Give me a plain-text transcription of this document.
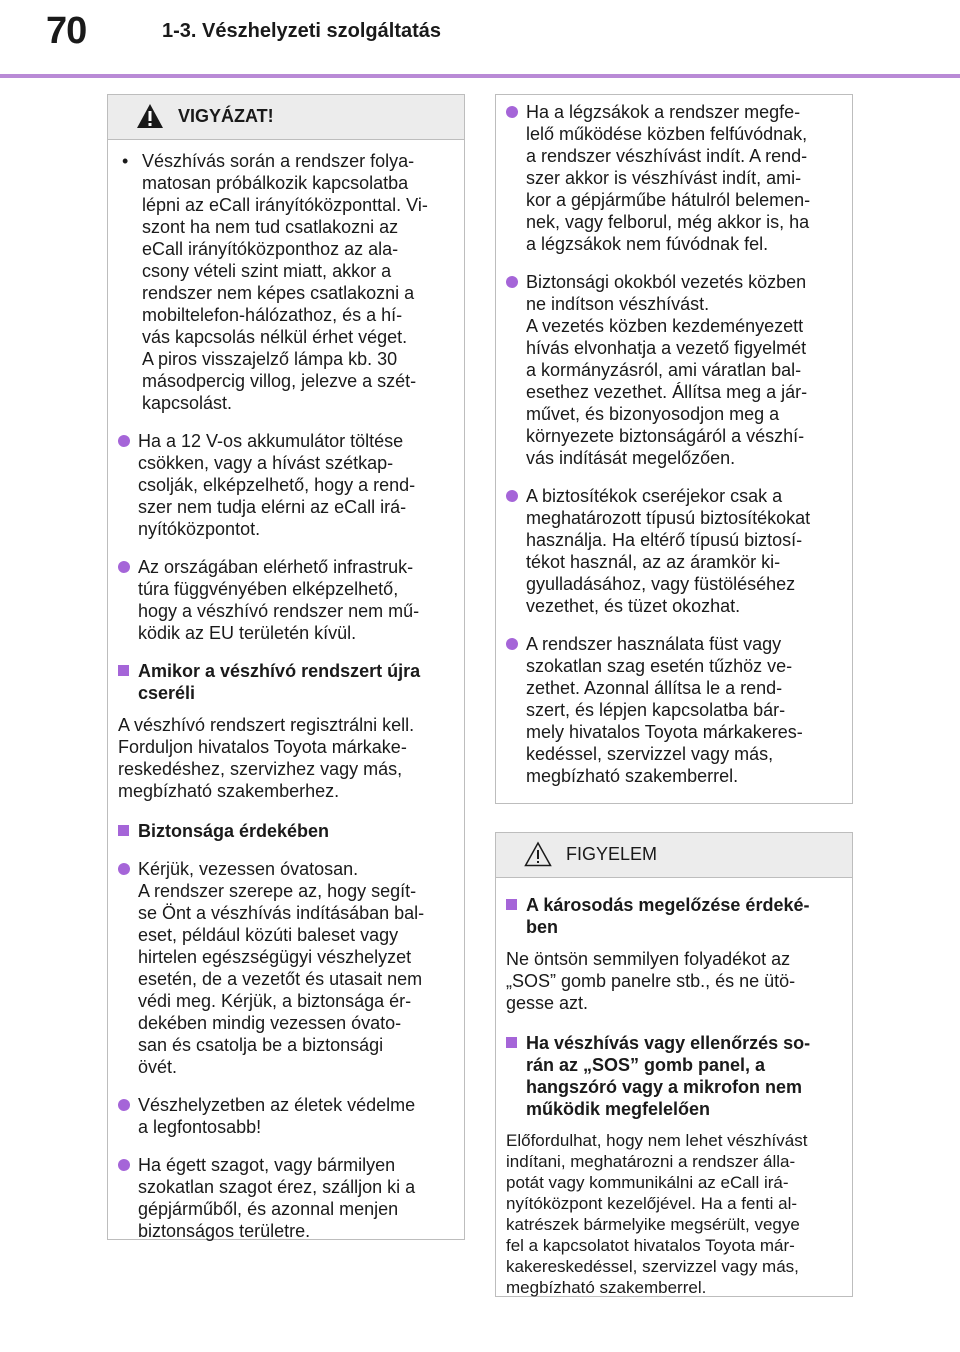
70	1-3. Vészhelyzeti szolgáltatás
VIGYÁZAT!
• Vészhívás során a rendszer folya-
matosan próbálkozik kapcsolatba
lépni az eCall irányítóközponttal. Vi-
szont ha nem tud csatlakozni az
eCall irányítóközponthoz az ala-
csony vételi szint miatt, akkor a
rendszer nem képes csatlakozni a
mobiltelefon-hálózathoz, és a hí-
vás kapcsolás nélkül érhet véget.
A piros visszajelző lámpa kb. 30
másodpercig villog, jelezve a szét-
kapcsolást.
Ha a 12 V-os akkumulátor töltése
csökken, vagy a hívást szétkap-
csolják, elképzelhető, hogy a rend-
szer nem tudja elérni az eCall irá-
nyítóközpontot.
Az országában elérhető infrastruk-
túra függvényében elképzelhető,
hogy a vészhívó rendszer nem mű-
ködik az EU területén kívül.
Amikor a vészhívó rendszert újra
cseréli
A vészhívó rendszert regisztrálni kell.
Forduljon hivatalos Toyota márkake-
reskedéshez, szervizhez vagy más,
megbízható szakemberhez.
Biztonsága érdekében
Kérjük, vezessen óvatosan.
A rendszer szerepe az, hogy segít-
se Önt a vészhívás indításában bal-
eset, például közúti baleset vagy
hirtelen egészségügyi vészhelyzet
esetén, de a vezetőt és utasait nem
védi meg. Kérjük, a biztonsága ér-
dekében mindig vezessen óvato-
san és csatolja be a biztonsági
övét.
Vészhelyzetben az életek védelme
a legfontosabb!
Ha égett szagot, vagy bármilyen
szokatlan szagot érez, szálljon ki a
gépjárműből, és azonnal menjen
biztonságos területre.
Ha a légzsákok a rendszer megfe-
lelő működése közben felfúvódnak,
a rendszer vészhívást indít. A rend-
szer akkor is vészhívást indít, ami-
kor a gépjárműbe hátulról belemen-
nek, vagy felborul, még akkor is, ha
a légzsákok nem fúvódnak fel.
Biztonsági okokból vezetés közben
ne indítson vészhívást.
A vezetés közben kezdeményezett
hívás elvonhatja a vezető figyelmét
a kormányzásról, ami váratlan bal-
esethez vezethet. Állítsa meg a jár-
művet, és bizonyosodjon meg a
környezete biztonságáról a vészhí-
vás indítását megelőzően.
A biztosítékok cseréjekor csak a
meghatározott típusú biztosítékokat
használja. Ha eltérő típusú biztosí-
tékot használ, az az áramkör ki-
gyulladásához, vagy füstöléséhez
vezethet, és tüzet okozhat.
A rendszer használata füst vagy
szokatlan szag esetén tűzhöz ve-
zethet. Azonnal állítsa le a rend-
szert, és lépjen kapcsolatba bár-
mely hivatalos Toyota márkakeres-
kedéssel, szervizzel vagy más,
megbízható szakemberrel.
FIGYELEM
A károsodás megelőzése érdeké-
ben
Ne öntsön semmilyen folyadékot az
„SOS” gomb panelre stb., és ne ütö-
gesse azt.
Ha vészhívás vagy ellenőrzés so-
rán az „SOS” gomb panel, a
hangszóró vagy a mikrofon nem
működik megfelelően
Előfordulhat, hogy nem lehet vészhívást
indítani, meghatározni a rendszer álla-
potát vagy kommunikálni az eCall irá-
nyítóközpont kezelőjével. Ha a fenti al-
katrészek bármelyike megsérült, vegye
fel a kapcsolatot hivatalos Toyota már-
kakereskedéssel, szervizzel vagy más,
megbízható szakemberrel.
